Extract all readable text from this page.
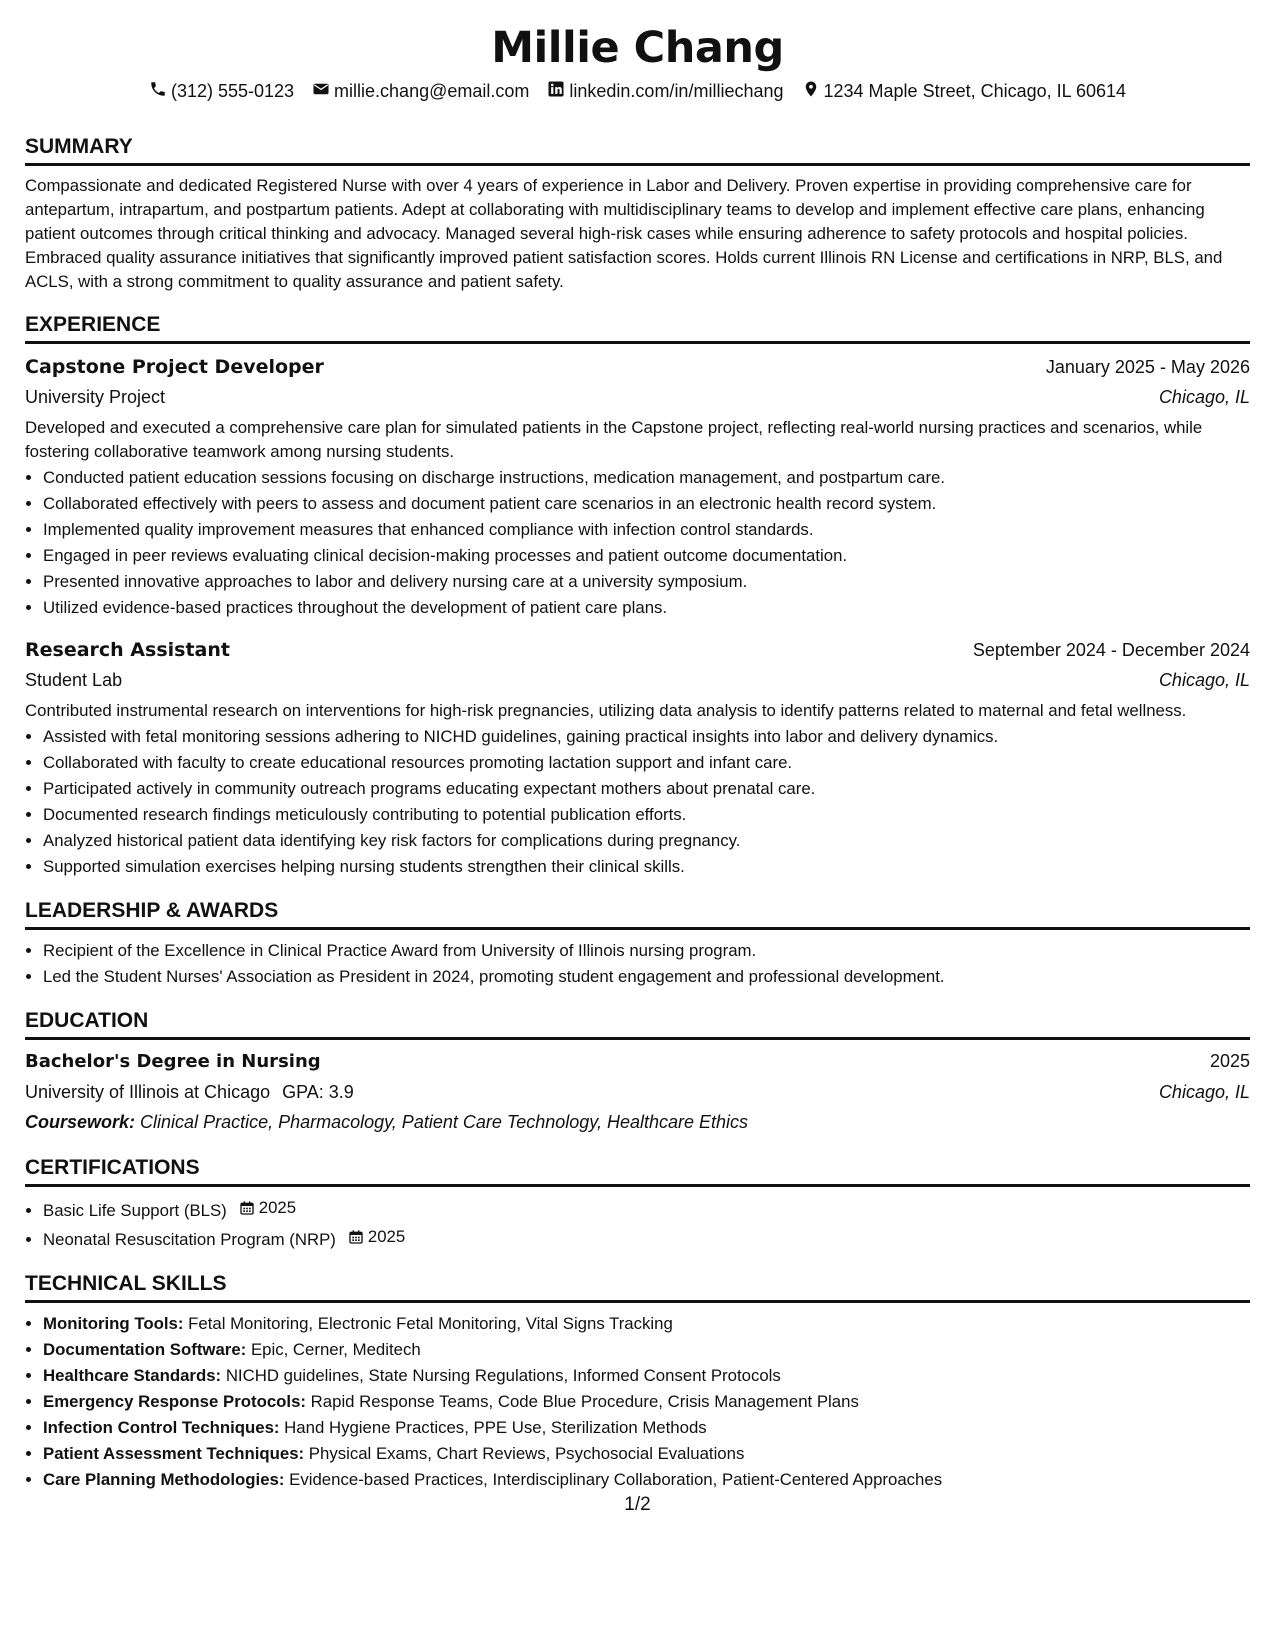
Millie Chang
(312) 555-0123 millie.chang@email.com linkedin.com/in/milliechang 1234 Maple Street, Chicago, IL 60614
SUMMARY
Compassionate and dedicated Registered Nurse with over 4 years of experience in Labor and Delivery. Proven expertise in providing comprehensive care for antepartum, intrapartum, and postpartum patients. Adept at collaborating with multidisciplinary teams to develop and implement effective care plans, enhancing patient outcomes through critical thinking and advocacy. Managed several high-risk cases while ensuring adherence to safety protocols and hospital policies. Embraced quality assurance initiatives that significantly improved patient satisfaction scores. Holds current Illinois RN License and certifications in NRP, BLS, and ACLS, with a strong commitment to quality assurance and patient safety.
EXPERIENCE
Capstone Project Developer	January 2025 - May 2026
University Project	Chicago, IL
Developed and executed a comprehensive care plan for simulated patients in the Capstone project, reflecting real-world nursing practices and scenarios, while fostering collaborative teamwork among nursing students.
• Conducted patient education sessions focusing on discharge instructions, medication management, and postpartum care.
• Collaborated effectively with peers to assess and document patient care scenarios in an electronic health record system.
• Implemented quality improvement measures that enhanced compliance with infection control standards.
• Engaged in peer reviews evaluating clinical decision-making processes and patient outcome documentation.
• Presented innovative approaches to labor and delivery nursing care at a university symposium.
• Utilized evidence-based practices throughout the development of patient care plans.
Research Assistant	September 2024 - December 2024
Student Lab	Chicago, IL
Contributed instrumental research on interventions for high-risk pregnancies, utilizing data analysis to identify patterns related to maternal and fetal wellness.
• Assisted with fetal monitoring sessions adhering to NICHD guidelines, gaining practical insights into labor and delivery dynamics.
• Collaborated with faculty to create educational resources promoting lactation support and infant care.
• Participated actively in community outreach programs educating expectant mothers about prenatal care.
• Documented research findings meticulously contributing to potential publication efforts.
• Analyzed historical patient data identifying key risk factors for complications during pregnancy.
• Supported simulation exercises helping nursing students strengthen their clinical skills.
LEADERSHIP & AWARDS
• Recipient of the Excellence in Clinical Practice Award from University of Illinois nursing program.
• Led the Student Nurses' Association as President in 2024, promoting student engagement and professional development.
EDUCATION
Bachelor's Degree in Nursing	2025
University of Illinois at Chicago GPA: 3.9	Chicago, IL
Coursework: Clinical Practice, Pharmacology, Patient Care Technology, Healthcare Ethics
CERTIFICATIONS
• Basic Life Support (BLS) 2025
• Neonatal Resuscitation Program (NRP) 2025
TECHNICAL SKILLS
• Monitoring Tools: Fetal Monitoring, Electronic Fetal Monitoring, Vital Signs Tracking
• Documentation Software: Epic, Cerner, Meditech
• Healthcare Standards: NICHD guidelines, State Nursing Regulations, Informed Consent Protocols
• Emergency Response Protocols: Rapid Response Teams, Code Blue Procedure, Crisis Management Plans
• Infection Control Techniques: Hand Hygiene Practices, PPE Use, Sterilization Methods
• Patient Assessment Techniques: Physical Exams, Chart Reviews, Psychosocial Evaluations
• Care Planning Methodologies: Evidence-based Practices, Interdisciplinary Collaboration, Patient-Centered Approaches
1/2
